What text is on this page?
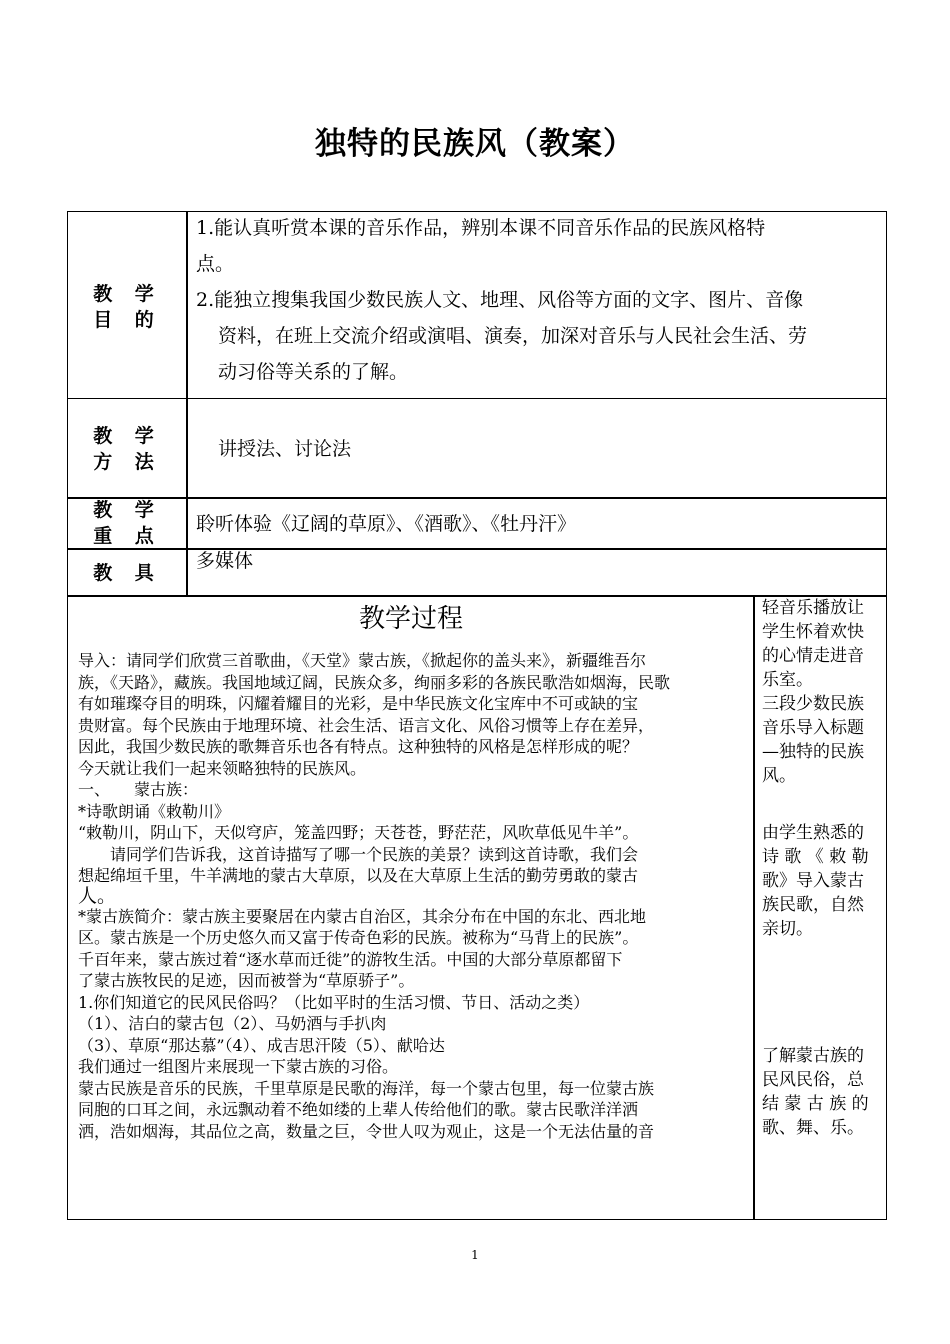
独特的民族风（教案）
教 学
目 的
1.能认真听赏本课的音乐作品，辨别本课不同音乐作品的民族风格特
点。
2.能独立搜集我国少数民族人文、地理、风俗等方面的文字、图片、音像
资料，在班上交流介绍或演唱、演奏，加深对音乐与人民社会生活、劳
动习俗等关系的了解。
教 学
方 法
讲授法、讨论法
教 学
重 点
聆听体验《辽阔的草原》、《酒歌》、《牡丹汗》
教 具
多媒体
教学过程
导入：请同学们欣赏三首歌曲，《天堂》蒙古族，《掀起你的盖头来》，新疆维吾尔
族，《天路》，藏族。我国地域辽阔，民族众多，绚丽多彩的各族民歌浩如烟海，民歌
有如璀璨夺目的明珠，闪耀着耀目的光彩，是中华民族文化宝库中不可或缺的宝
贵财富。每个民族由于地理环境、社会生活、语言文化、风俗习惯等上存在差异，
因此，我国少数民族的歌舞音乐也各有特点。这种独特的风格是怎样形成的呢？
今天就让我们一起来领略独特的民族风。
一、　　蒙古族：
*诗歌朗诵《敕勒川》
“敕勒川，阴山下，天似穹庐，笼盖四野；天苍苍，野茫茫，风吹草低见牛羊”。
　　请同学们告诉我，这首诗描写了哪一个民族的美景？读到这首诗歌，我们会
想起绵垣千里，牛羊满地的蒙古大草原，以及在大草原上生活的勤劳勇敢的蒙古
人。
*蒙古族简介：蒙古族主要聚居在内蒙古自治区，其余分布在中国的东北、西北地
区。蒙古族是一个历史悠久而又富于传奇色彩的民族。被称为“马背上的民族”。
千百年来，蒙古族过着“逐水草而迁徙”的游牧生活。中国的大部分草原都留下
了蒙古族牧民的足迹，因而被誉为“草原骄子”。
1.你们知道它的民风民俗吗？（比如平时的生活习惯、节日、活动之类）
（1）、洁白的蒙古包（2）、马奶酒与手扒肉
（3）、草原“那达慕”（4）、成吉思汗陵（5）、献哈达
我们通过一组图片来展现一下蒙古族的习俗。
蒙古民族是音乐的民族，千里草原是民歌的海洋，每一个蒙古包里，每一位蒙古族
同胞的口耳之间，永远飘动着不绝如缕的上辈人传给他们的歌。蒙古民歌洋洋洒
洒，浩如烟海，其品位之高，数量之巨，令世人叹为观止，这是一个无法估量的音
轻音乐播放让
学生怀着欢快
的心情走进音
乐室。
三段少数民族
音乐导入标题
—独特的民族
风。
由学生熟悉的
诗 歌 《 敕 勒
歌》导入蒙古
族民歌，自然
亲切。
了解蒙古族的
民风民俗，总
结 蒙 古 族 的
歌、舞、乐。
1
